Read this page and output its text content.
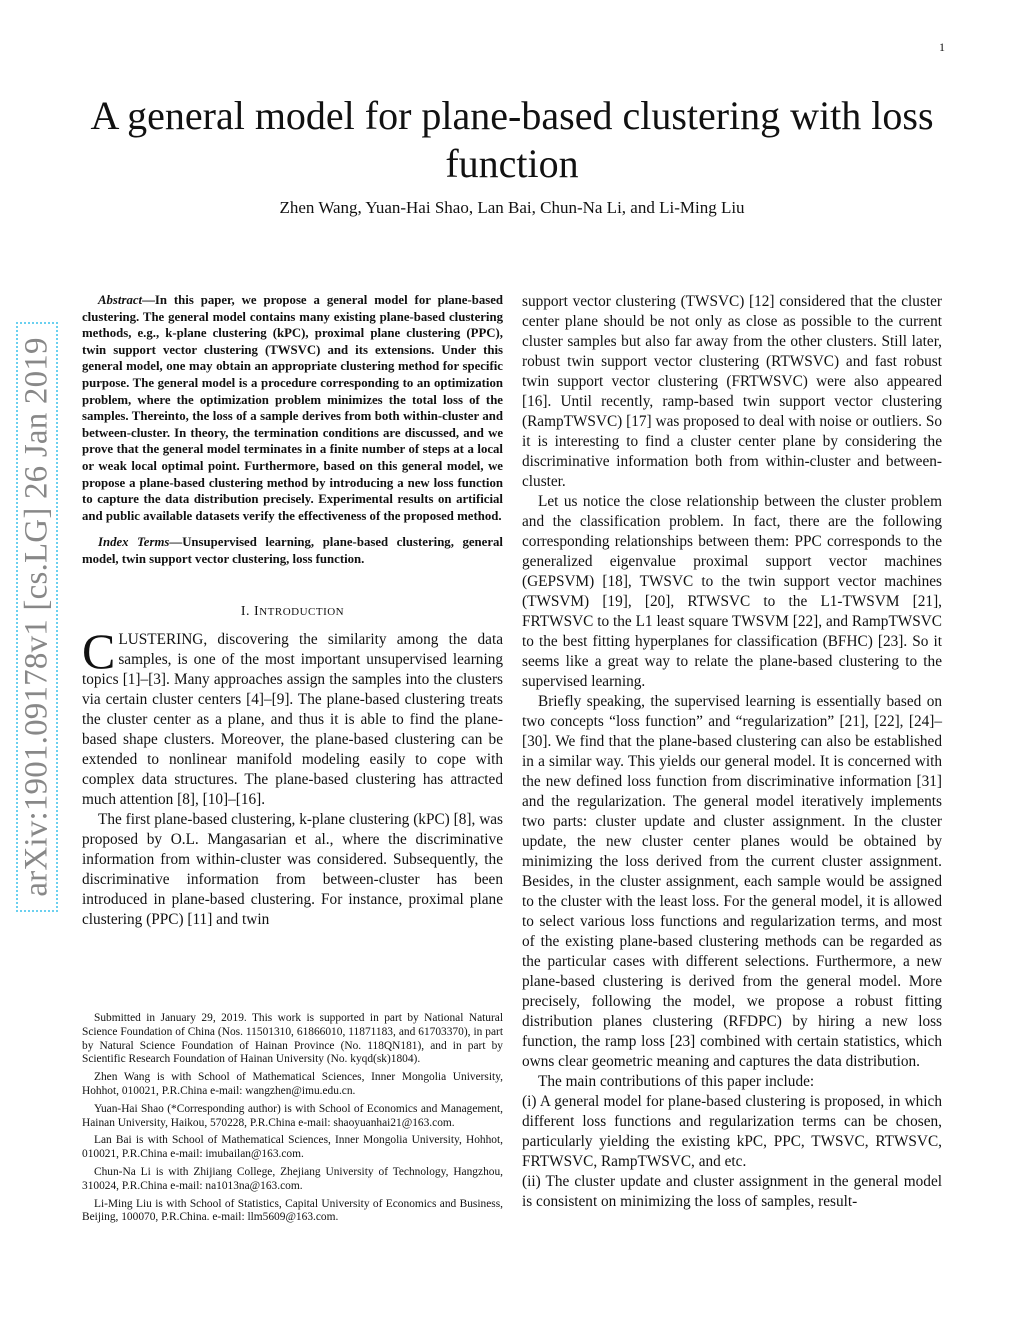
1
arXiv:1901.09178v1 [cs.LG] 26 Jan 2019
A general model for plane-based clustering with loss function
Zhen Wang, Yuan-Hai Shao, Lan Bai, Chun-Na Li, and Li-Ming Liu

Abstract—In this paper, we propose a general model for plane-based clustering. The general model contains many existing plane-based clustering methods, e.g., k-plane clustering (kPC), proximal plane clustering (PPC), twin support vector clustering (TWSVC) and its extensions. Under this general model, one may obtain an appropriate clustering method for specific purpose. The general model is a procedure corresponding to an optimization problem, where the optimization problem minimizes the total loss of the samples. Thereinto, the loss of a sample derives from both within-cluster and between-cluster. In theory, the termination conditions are discussed, and we prove that the general model terminates in a finite number of steps at a local or weak local optimal point. Furthermore, based on this general model, we propose a plane-based clustering method by introducing a new loss function to capture the data distribution precisely. Experimental results on artificial and public available datasets verify the effectiveness of the proposed method.

Index Terms—Unsupervised learning, plane-based clustering, general model, twin support vector clustering, loss function.

I. INTRODUCTION

CLUSTERING, discovering the similarity among the data samples, is one of the most important unsupervised learning topics [1]–[3]. Many approaches assign the samples into the clusters via certain cluster centers [4]–[9]. The plane-based clustering treats the cluster center as a plane, and thus it is able to find the plane-based shape clusters. Moreover, the plane-based clustering can be extended to nonlinear manifold modeling easily to cope with complex data structures. The plane-based clustering has attracted much attention [8], [10]–[16].

The first plane-based clustering, k-plane clustering (kPC) [8], was proposed by O.L. Mangasarian et al., where the discriminative information from within-cluster was considered. Subsequently, the discriminative information from between-cluster has been introduced in plane-based clustering. For instance, proximal plane clustering (PPC) [11] and twin

Submitted in January 29, 2019. This work is supported in part by National Natural Science Foundation of China (Nos. 11501310, 61866010, 11871183, and 61703370), in part by Natural Science Foundation of Hainan Province (No. 118QN181), and in part by Scientific Research Foundation of Hainan University (No. kyqd(sk)1804).

Zhen Wang is with School of Mathematical Sciences, Inner Mongolia University, Hohhot, 010021, P.R.China e-mail: wangzhen@imu.edu.cn.

Yuan-Hai Shao (*Corresponding author) is with School of Economics and Management, Hainan University, Haikou, 570228, P.R.China e-mail: shaoyuanhai21@163.com.

Lan Bai is with School of Mathematical Sciences, Inner Mongolia University, Hohhot, 010021, P.R.China e-mail: imubailan@163.com.

Chun-Na Li is with Zhijiang College, Zhejiang University of Technology, Hangzhou, 310024, P.R.China e-mail: na1013na@163.com.

Li-Ming Liu is with School of Statistics, Capital University of Economics and Business, Beijing, 100070, P.R.China. e-mail: llm5609@163.com.

support vector clustering (TWSVC) [12] considered that the cluster center plane should be not only as close as possible to the current cluster samples but also far away from the other clusters. Still later, robust twin support vector clustering (RTWSVC) and fast robust twin support vector clustering (FRTWSVC) were also appeared [16]. Until recently, ramp-based twin support vector clustering (RampTWSVC) [17] was proposed to deal with noise or outliers. So it is interesting to find a cluster center plane by considering the discriminative information both from within-cluster and between-cluster.

Let us notice the close relationship between the cluster problem and the classification problem. In fact, there are the following corresponding relationships between them: PPC corresponds to the generalized eigenvalue proximal support vector machines (GEPSVM) [18], TWSVC to the twin support vector machines (TWSVM) [19], [20], RTWSVC to the L1-TWSVM [21], FRTWSVC to the L1 least square TWSVM [22], and RampTWSVC to the best fitting hyperplanes for classification (BFHC) [23]. So it seems like a great way to relate the plane-based clustering to the supervised learning.

Briefly speaking, the supervised learning is essentially based on two concepts “loss function” and “regularization” [21], [22], [24]–[30]. We find that the plane-based clustering can also be established in a similar way. This yields our general model. It is concerned with the new defined loss function from discriminative information [31] and the regularization. The general model iteratively implements two parts: cluster update and cluster assignment. In the cluster update, the new cluster center planes would be obtained by minimizing the loss derived from the current cluster assignment. Besides, in the cluster assignment, each sample would be assigned to the cluster with the least loss. For the general model, it is allowed to select various loss functions and regularization terms, and most of the existing plane-based clustering methods can be regarded as the particular cases with different selections. Furthermore, a new plane-based clustering is derived from the general model. More precisely, following the model, we propose a robust fitting distribution planes clustering (RFDPC) by hiring a new loss function, the ramp loss [23] combined with certain statistics, which owns clear geometric meaning and captures the data distribution.

The main contributions of this paper include:

(i) A general model for plane-based clustering is proposed, in which different loss functions and regularization terms can be chosen, particularly yielding the existing kPC, PPC, TWSVC, RTWSVC, FRTWSVC, RampTWSVC, and etc.

(ii) The cluster update and cluster assignment in the general model is consistent on minimizing the loss of samples, result-
